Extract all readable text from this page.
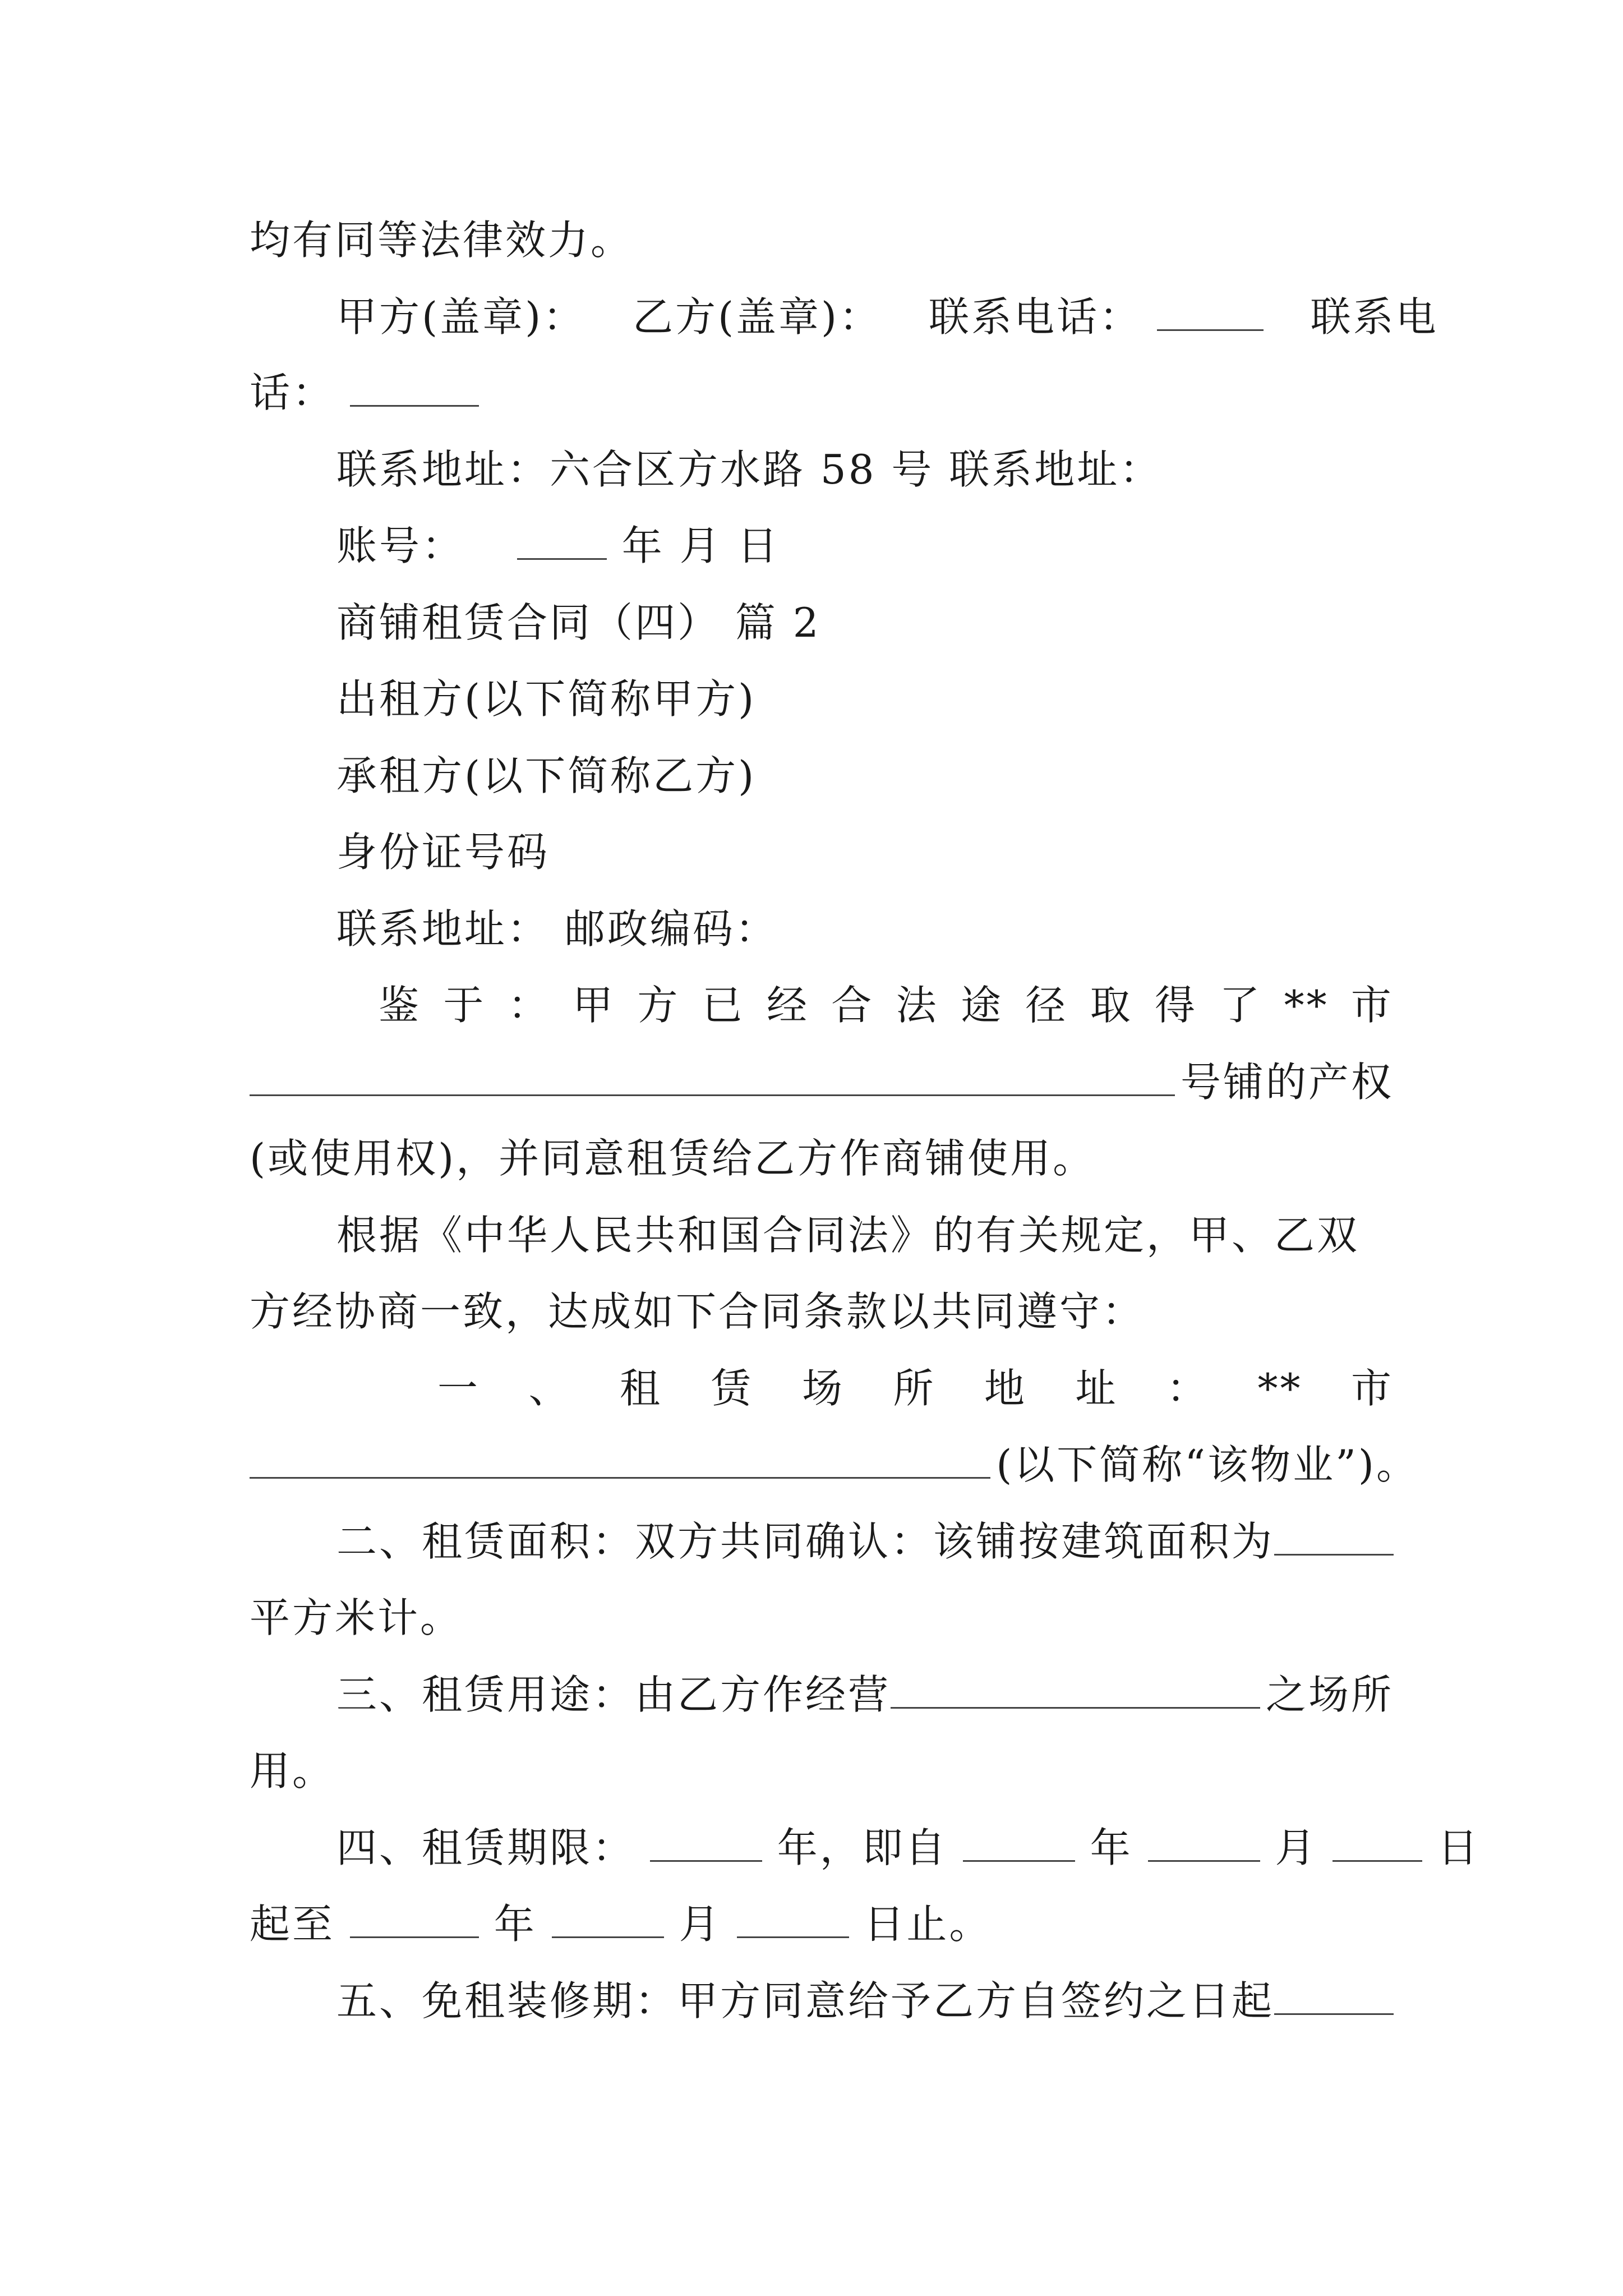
均有同等法律效力。
甲方(盖章)： 乙方(盖章)： 联系电话：	联系电
话：
联系地址：六合区方水路 58 号 联系地址：
账号：	年 月 日
商铺租赁合同（四） 篇 2
出租方(以下简称甲方)
承租方(以下简称乙方)
身份证号码
联系地址： 邮政编码：
鉴 于 ： 甲 方 已 经 合 法 途 径 取 得 了 ** 市
号铺的产权
(或使用权)，并同意租赁给乙方作商铺使用。
根据《中华人民共和国合同法》的有关规定，甲、乙双
方经协商一致，达成如下合同条款以共同遵守：
一 、 租 赁 场 所 地 址 ： ** 市
(以下简称“该物业”)。
二、租赁面积：双方共同确认：该铺按建筑面积为
平方米计。
三、租赁用途：由乙方作经营	之场所
用。
四、租赁期限：	年，即自	年	月	日
起至	年	月	日止。
五、免租装修期：甲方同意给予乙方自签约之日起
